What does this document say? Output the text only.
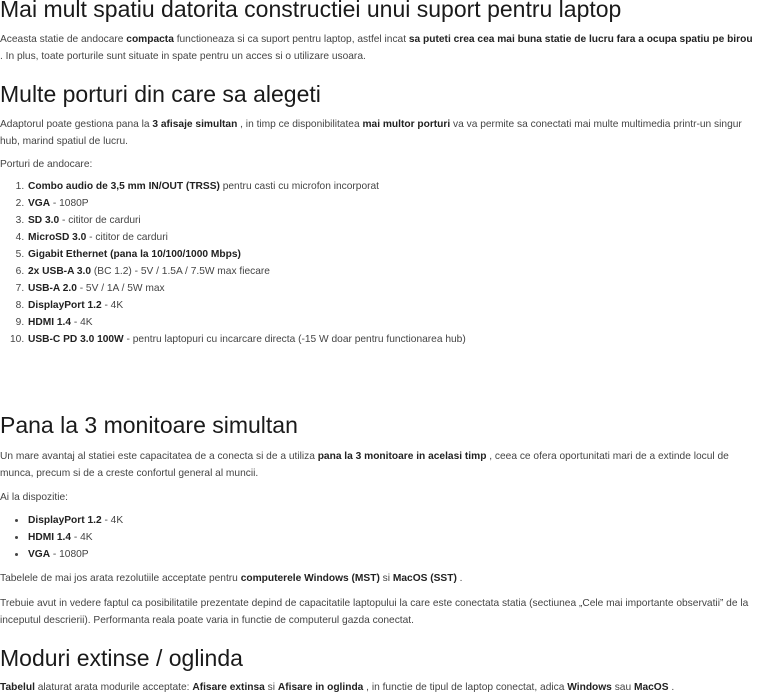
Mai mult spatiu datorita constructiei unui suport pentru laptop

Aceasta statie de andocare compacta functioneaza si ca suport pentru laptop, astfel incat sa puteti crea cea mai buna statie de lucru fara a ocupa spatiu pe birou . In plus, toate porturile sunt situate in spate pentru un acces si o utilizare usoara.

Multe porturi din care sa alegeti

Adaptorul poate gestiona pana la 3 afisaje simultan , in timp ce disponibilitatea mai multor porturi va va permite sa conectati mai multe multimedia printr-un singur hub, marind spatiul de lucru.

Porturi de andocare:

1. Combo audio de 3,5 mm IN/OUT (TRSS) pentru casti cu microfon incorporat
2. VGA - 1080P
3. SD 3.0 - cititor de carduri
4. MicroSD 3.0 - cititor de carduri
5. Gigabit Ethernet (pana la 10/100/1000 Mbps)
6. 2x USB-A 3.0 (BC 1.2) - 5V / 1.5A / 7.5W max fiecare
7. USB-A 2.0 - 5V / 1A / 5W max
8. DisplayPort 1.2 - 4K
9. HDMI 1.4 - 4K
10. USB-C PD 3.0 100W - pentru laptopuri cu incarcare directa (-15 W doar pentru functionarea hub)
Pana la 3 monitoare simultan

Un mare avantaj al statiei este capacitatea de a conecta si de a utiliza pana la 3 monitoare in acelasi timp , ceea ce ofera oportunitati mari de a extinde locul de munca, precum si de a creste confortul general al muncii.

Ai la dispozitie:

• DisplayPort 1.2 - 4K
• HDMI 1.4 - 4K
• VGA - 1080P

Tabelele de mai jos arata rezolutiile acceptate pentru computerele Windows (MST) si MacOS (SST) .

Trebuie avut in vedere faptul ca posibilitatile prezentate depind de capacitatile laptopului la care este conectata statia (sectiunea „Cele mai importante observatii” de la inceputul descrierii). Performanta reala poate varia in functie de computerul gazda conectat.

Moduri extinse / oglinda

Tabelul alaturat arata modurile acceptate: Afisare extinsa si Afisare in oglinda , in functie de tipul de laptop conectat, adica Windows sau MacOS .
